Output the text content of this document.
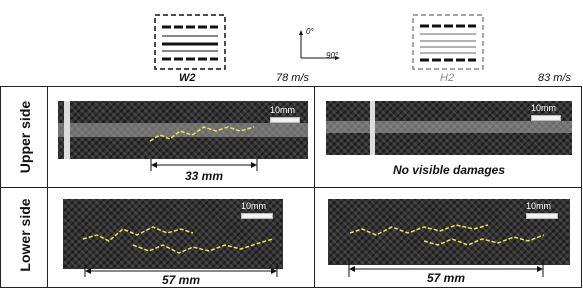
W2	78 m/s
0°
90°
H2	83 m/s
Upper side
Lower side
10mm
33 mm
10mm
No visible damages
10mm
57 mm
10mm
57 mm
